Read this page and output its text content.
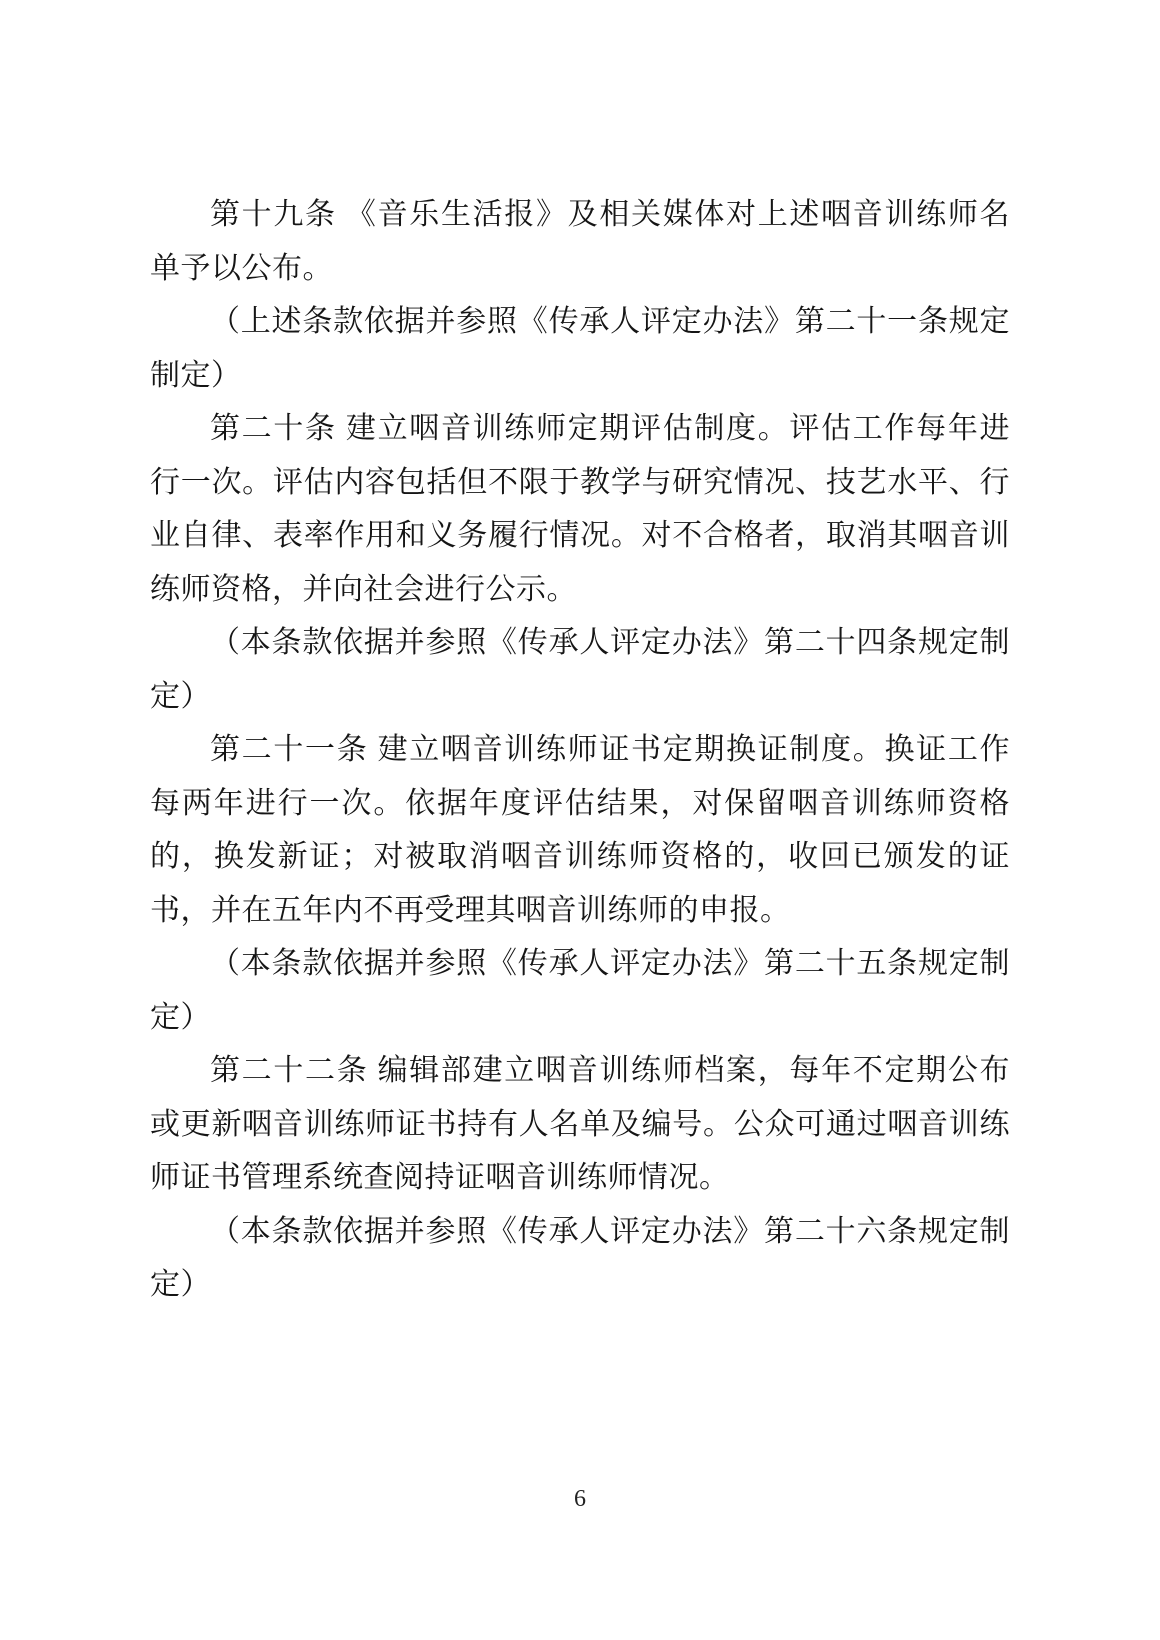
第十九条 《音乐生活报》及相关媒体对上述咽音训练师名单予以公布。

（上述条款依据并参照《传承人评定办法》第二十一条规定制定）

第二十条 建立咽音训练师定期评估制度。评估工作每年进行一次。评估内容包括但不限于教学与研究情况、技艺水平、行业自律、表率作用和义务履行情况。对不合格者，取消其咽音训练师资格，并向社会进行公示。

（本条款依据并参照《传承人评定办法》第二十四条规定制定）

第二十一条 建立咽音训练师证书定期换证制度。换证工作每两年进行一次。依据年度评估结果，对保留咽音训练师资格的，换发新证；对被取消咽音训练师资格的，收回已颁发的证书，并在五年内不再受理其咽音训练师的申报。

（本条款依据并参照《传承人评定办法》第二十五条规定制定）

第二十二条 编辑部建立咽音训练师档案，每年不定期公布或更新咽音训练师证书持有人名单及编号。公众可通过咽音训练师证书管理系统查阅持证咽音训练师情况。

（本条款依据并参照《传承人评定办法》第二十六条规定制定）

6
